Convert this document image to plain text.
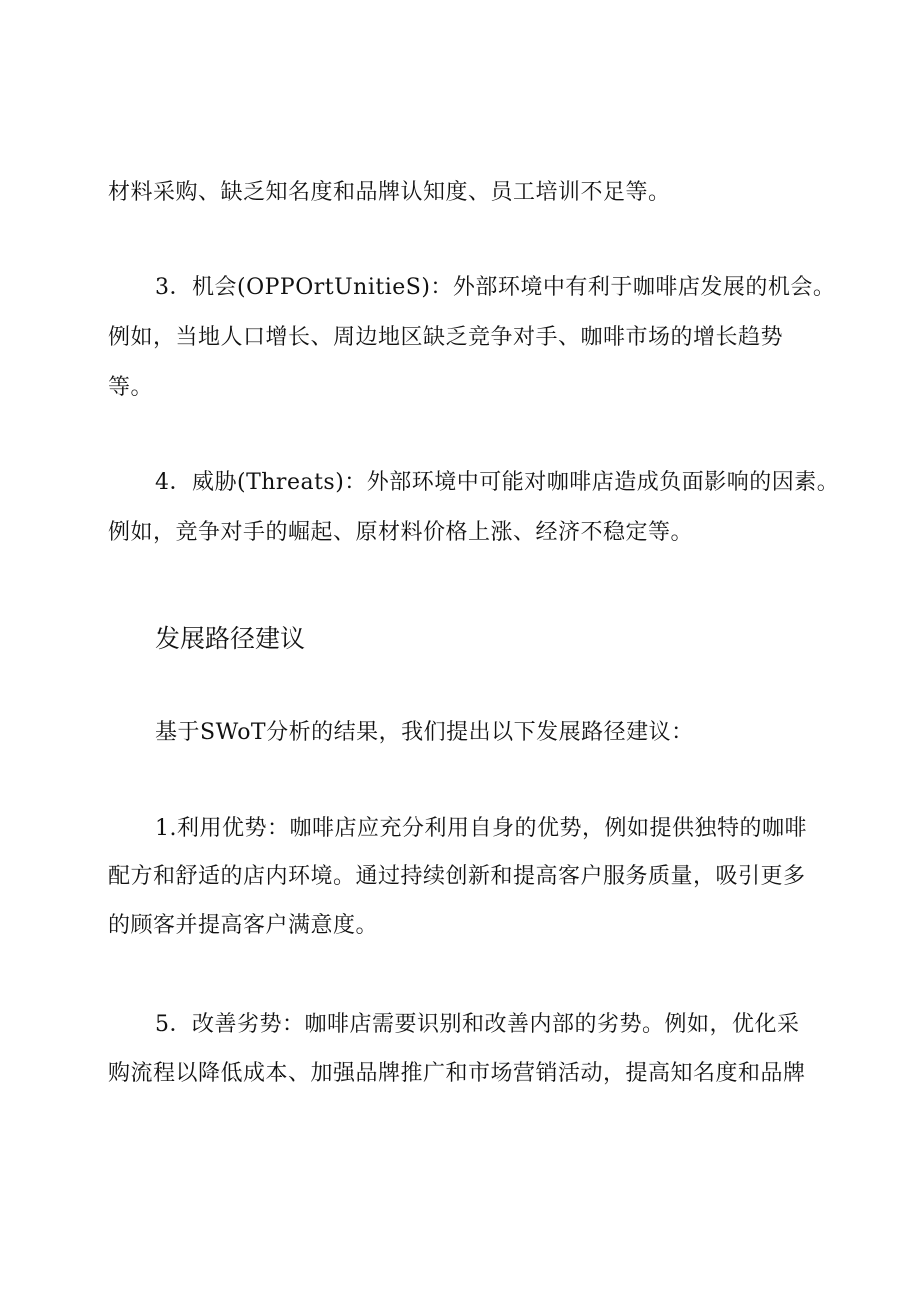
材料采购、缺乏知名度和品牌认知度、员工培训不足等。

3．机会(OPPOrtUnitieS)：外部环境中有利于咖啡店发展的机会。

例如，当地人口增长、周边地区缺乏竞争对手、咖啡市场的增长趋势

等。

4．威胁(Threats)：外部环境中可能对咖啡店造成负面影响的因素。

例如，竞争对手的崛起、原材料价格上涨、经济不稳定等。

发展路径建议

基于SWoT分析的结果，我们提出以下发展路径建议：

1.利用优势：咖啡店应充分利用自身的优势，例如提供独特的咖啡

配方和舒适的店内环境。通过持续创新和提高客户服务质量，吸引更多

的顾客并提高客户满意度。

5．改善劣势：咖啡店需要识别和改善内部的劣势。例如，优化采

购流程以降低成本、加强品牌推广和市场营销活动，提高知名度和品牌
